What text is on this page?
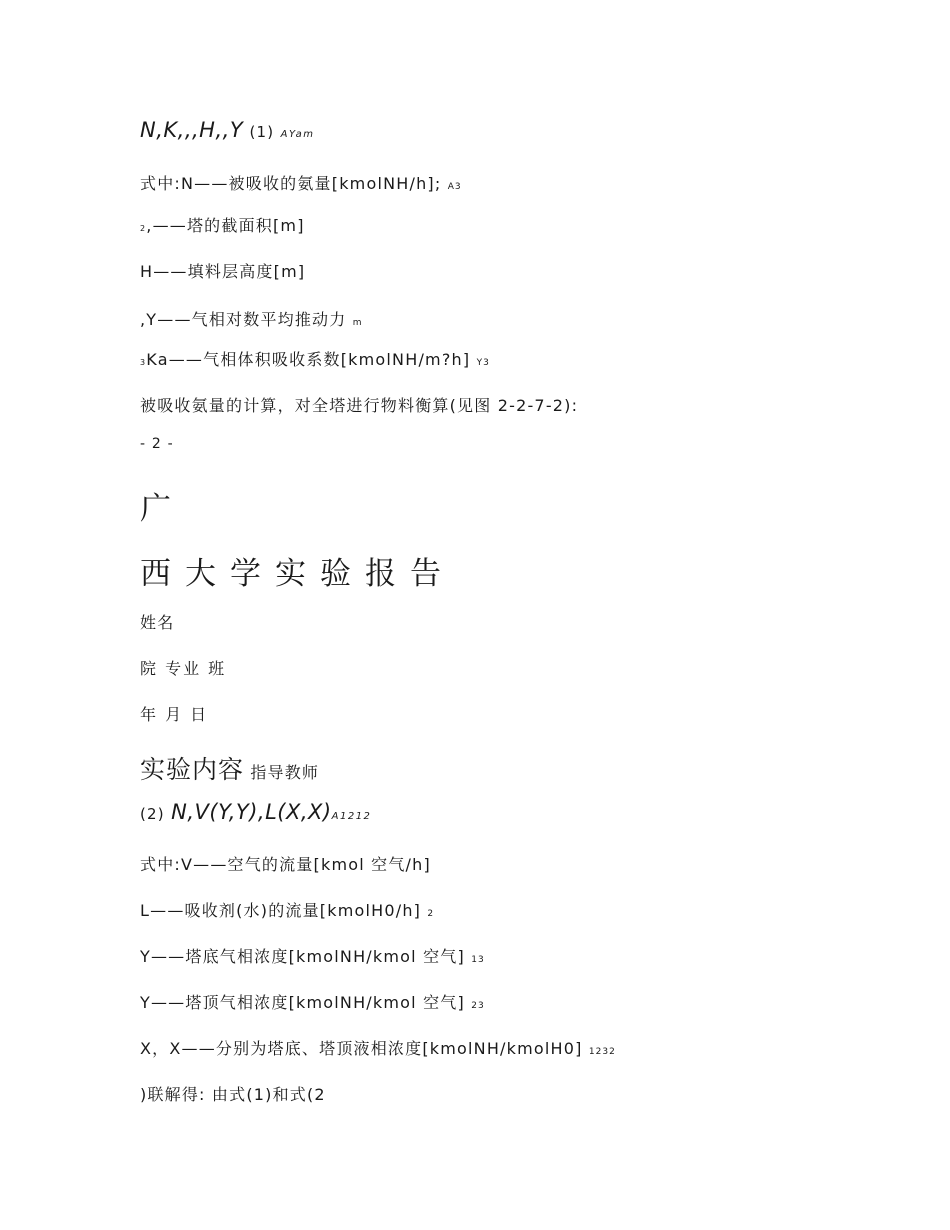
N,K,,,H,,Y (1) AYam
式中:N——被吸收的氨量[kmolNH/h]; A3
2,——塔的截面积[m]
H——填料层高度[m]
,Y——气相对数平均推动力 m
3Ka——气相体积吸收系数[kmolNH/m?h] Y3
被吸收氨量的计算，对全塔进行物料衡算(见图 2-2-7-2):
- 2 -
广
西大学实验报告
姓名
院 专业 班
年 月 日
实验内容 指导教师
(2) N,V(Y,Y),L(X,X)A1212
式中:V——空气的流量[kmol 空气/h]
L——吸收剂(水)的流量[kmolH0/h] 2
Y——塔底气相浓度[kmolNH/kmol 空气] 13
Y——塔顶气相浓度[kmolNH/kmol 空气] 23
X，X——分别为塔底、塔顶液相浓度[kmolNH/kmolH0] 1232
)联解得: 由式(1)和式(2
